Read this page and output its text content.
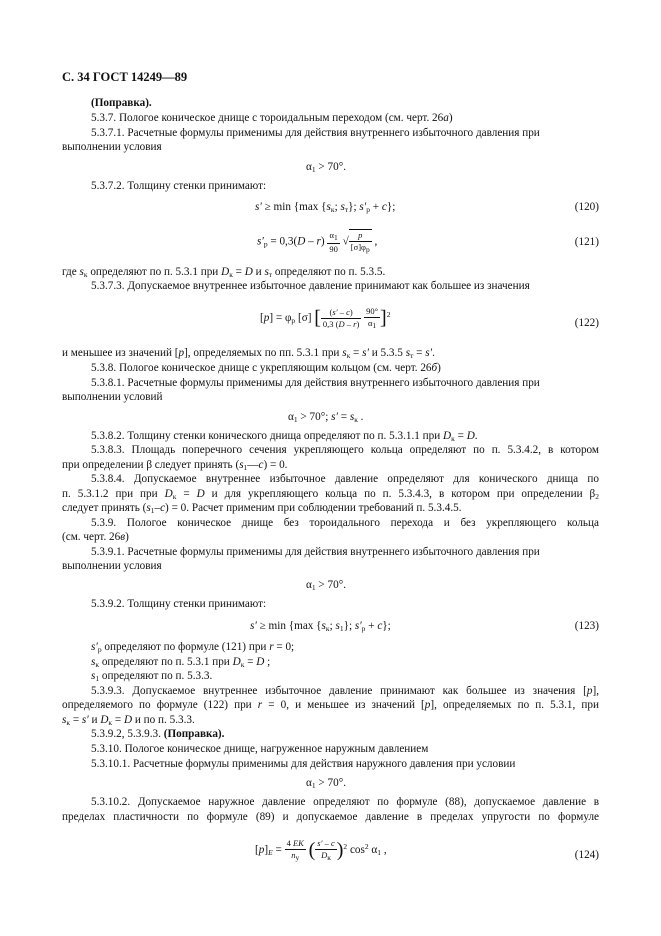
С. 34 ГОСТ 14249—89
(Поправка).
5.3.7. Пологое коническое днище с тороидальным переходом (см. черт. 26а)
5.3.7.1. Расчетные формулы применимы для действия внутреннего избыточного давления при
выполнении условия
$\alpha_1 > 70^\circ$.
5.3.7.2. Толщину стенки принимают:
s′ ≥ min {max {$s_к$; $s_т$}; $s'_р + c$};	(120)
$s'_р = 0,3(D - r) \frac{\alpha_1}{90}$ √ $\frac{p}{[\sigma]\varphi_р}$ ,	(121)
где $s_к$ определяют по п. 5.3.1 при $D_к = D$ и $s_т$ определяют по п. 5.3.5.
5.3.7.3. Допускаемое внутреннее избыточное давление принимают как большее из значения
$[p] = \varphi_р$ [σ] [ $\frac{(s' - c)}{0,3 (D - r)}$
$\frac{90^\circ}{\alpha_1} ]^2$
(122)
и меньшее из значений [p], определяемых по пп. 5.3.1 при $s_к = s'$ и 5.3.5 $s_т = s'$.
5.3.8. Пологое коническое днище с укрепляющим кольцом (см. черт. 26б)
5.3.8.1. Расчетные формулы применимы для действия внутреннего избыточного давления при
выполнении условий
$\alpha_1 > 70^\circ$; $s' = s_к$ .
5.3.8.2. Толщину стенки конического днища определяют по п. 5.3.1.1 при $D_к = D$.
5.3.8.3. Площадь поперечного сечения укрепляющего кольца определяют по п. 5.3.4.2, в котором
при определении β следует принять $(s_1—c) = 0$.
5.3.8.4. Допускаемое внутреннее избыточное давление определяют для конического днища по
п. 5.3.1.2 при при $D_к = D$ и для укрепляющего кольца по п. 5.3.4.3, в котором при определении $\beta_2$
следует принять $(s_1-c) = 0$. Расчет применим при соблюдении требований п. 5.3.4.5.
5.3.9. Пологое коническое днище без тороидального перехода и без укрепляющего кольца
(см. черт. 26в)
5.3.9.1. Расчетные формулы применимы для действия внутреннего избыточного давления при
выполнении условия
$\alpha_1 > 70^\circ$.
5.3.9.2. Толщину стенки принимают:
s′ ≥ min {max {$s_к$; $s_1$}; $s'_р + c$};	(123)
$s'_р$ определяют по формуле (121) при r = 0;
$s_к$ определяют по п. 5.3.1 при $D_к = D$ ;
$s_1$ определяют по п. 5.3.3.
5.3.9.3. Допускаемое внутреннее избыточное давление принимают как большее из значения [p],
определяемого по формуле (122) при r = 0, и меньшее из значений [p], определяемых по п. 5.3.1, при
$s_к = s'$ и $D_к = D$ и по п. 5.3.3.
5.3.9.2, 5.3.9.3. (Поправка).
5.3.10. Пологое коническое днище, нагруженное наружным давлением
5.3.10.1. Расчетные формулы применимы для действия наружного давления при условии
$\alpha_1 > 70^\circ$.
5.3.10.2. Допускаемое наружное давление определяют по формуле (88), допускаемое давление в
пределах пластичности по формуле (89) и допускаемое давление в пределах упругости по формуле
$[p]_E = \frac{4 EK}{n_y}$ ( $\frac{s' - c}{D_к} )^2$ $\cos^2 \alpha_1$ ,	(124)
